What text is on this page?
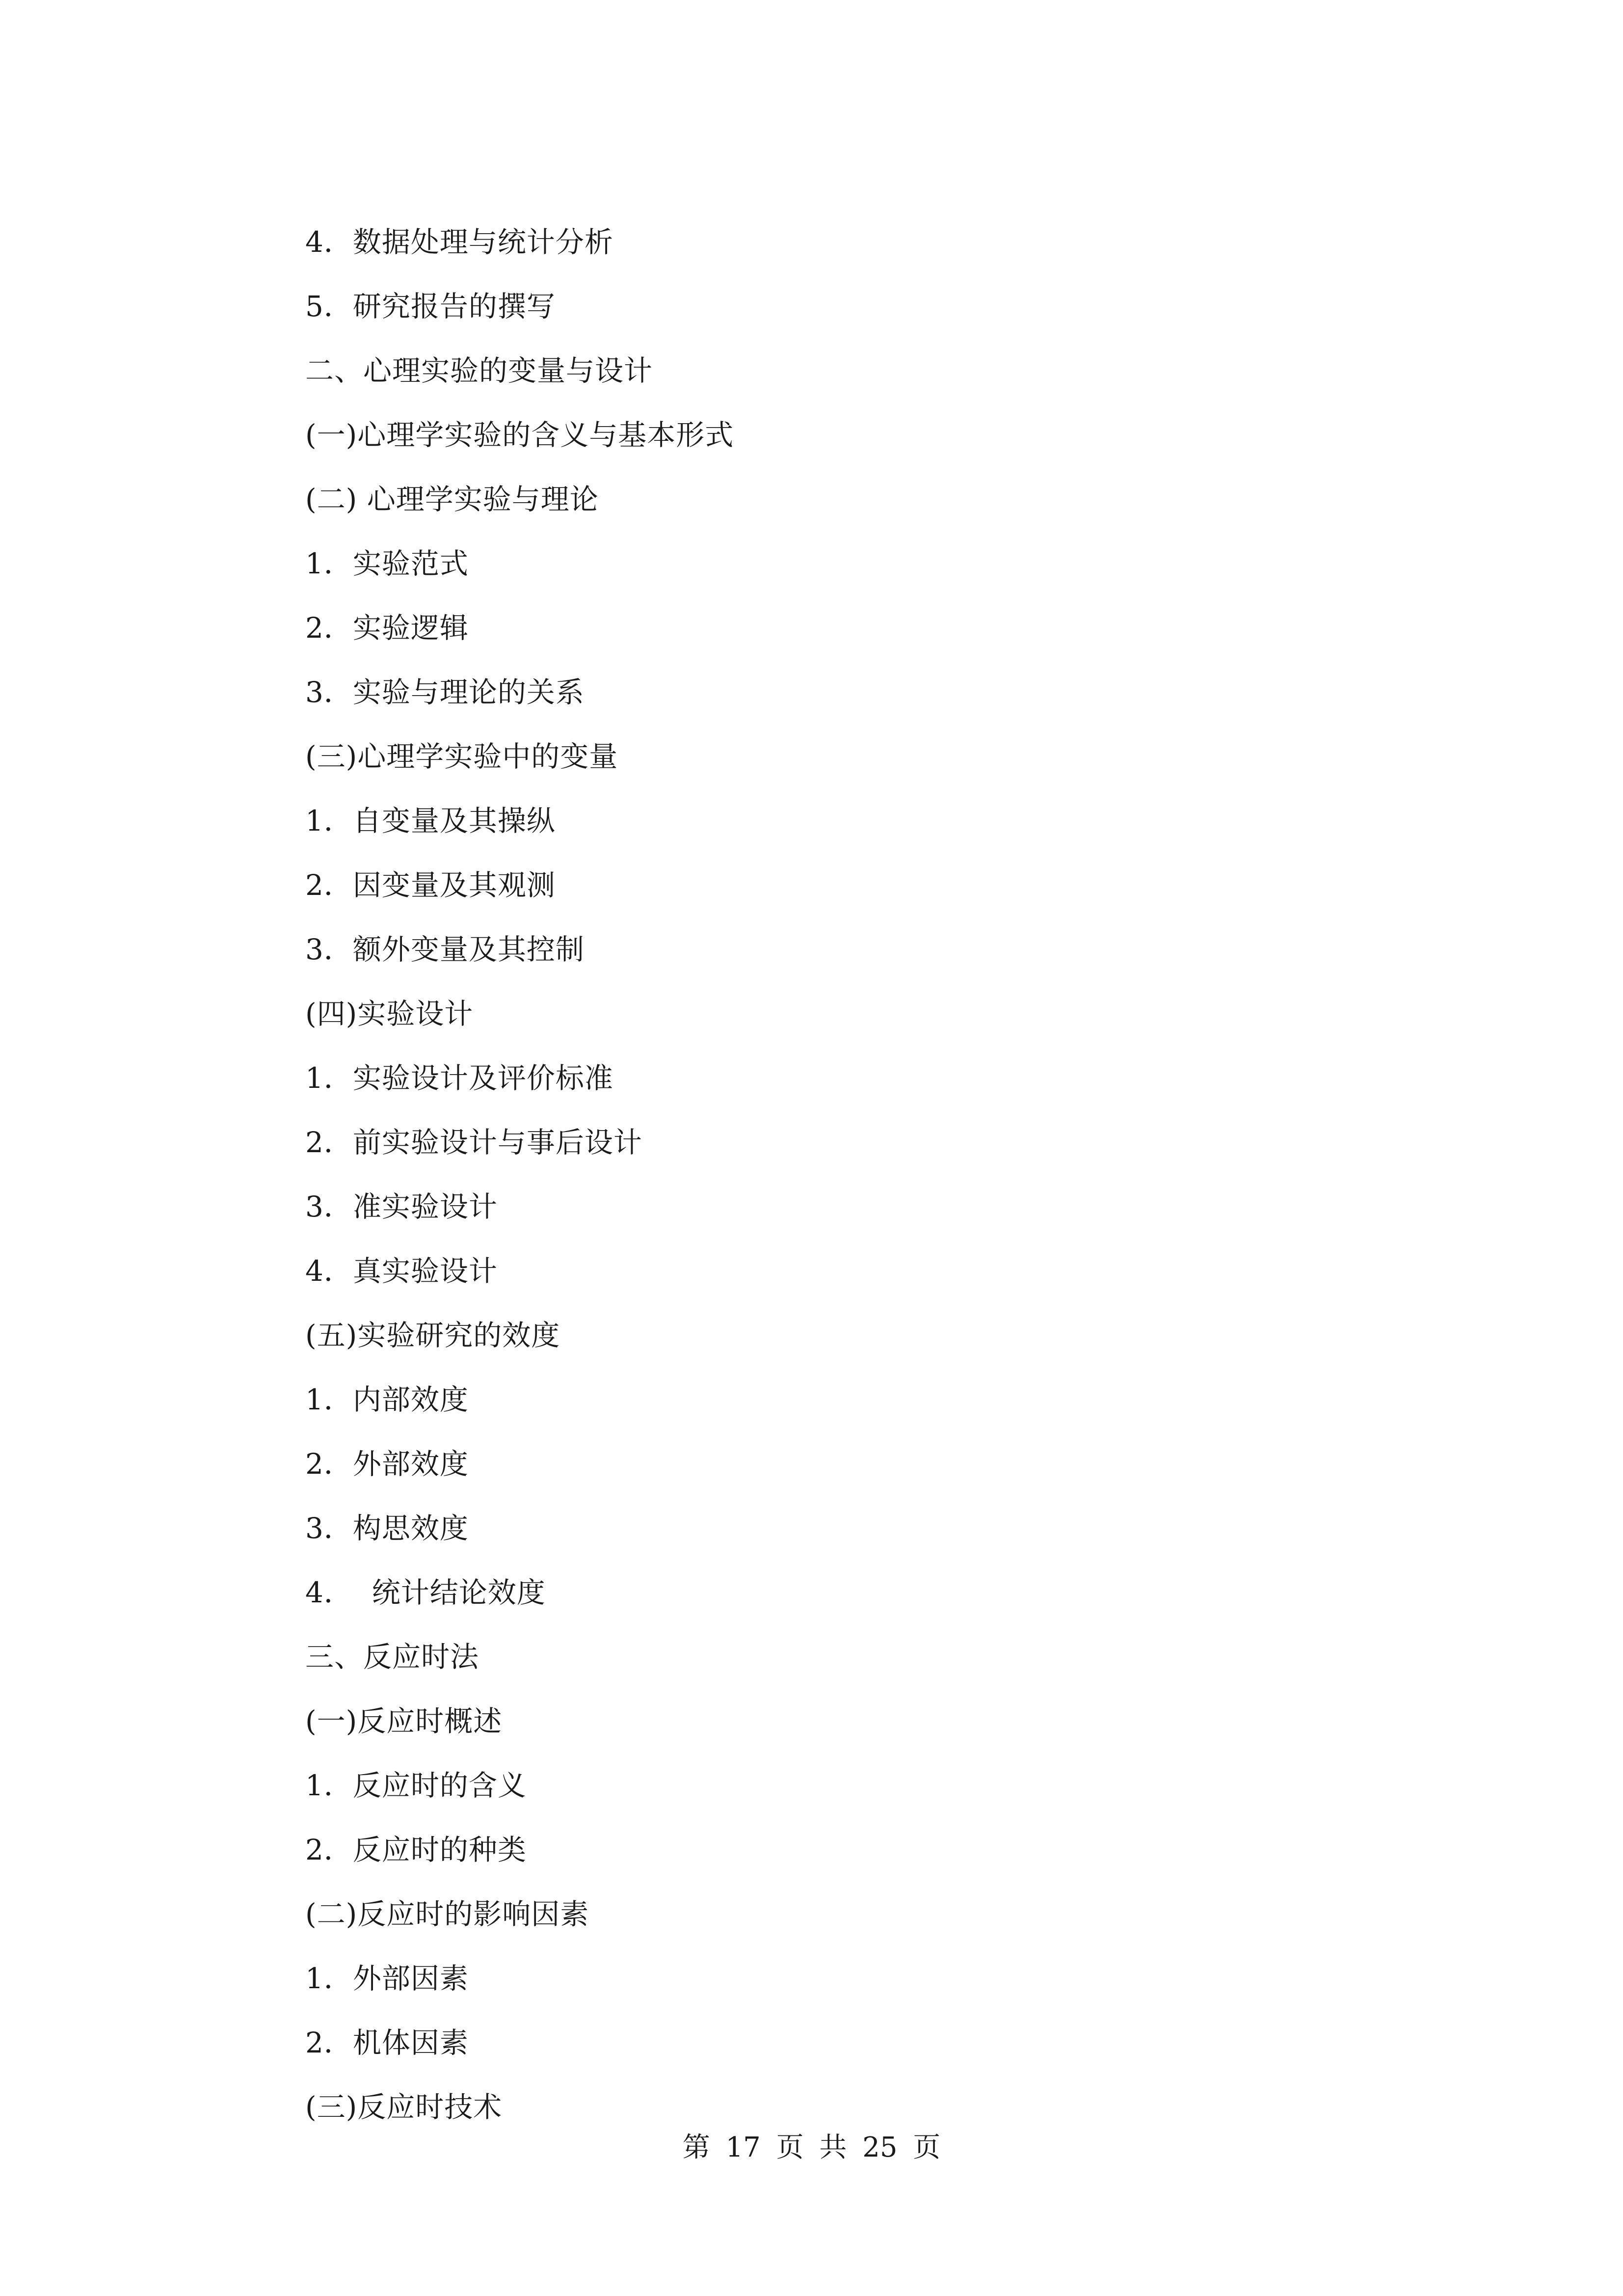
4．数据处理与统计分析
5．研究报告的撰写
二、心理实验的变量与设计
(一)心理学实验的含义与基本形式
(二) 心理学实验与理论
1．实验范式
2．实验逻辑
3．实验与理论的关系
(三)心理学实验中的变量
1．自变量及其操纵
2．因变量及其观测
3．额外变量及其控制
(四)实验设计
1．实验设计及评价标准
2．前实验设计与事后设计
3．准实验设计
4．真实验设计
(五)实验研究的效度
1．内部效度
2．外部效度
3．构思效度
4．  统计结论效度
三、反应时法
(一)反应时概述
1．反应时的含义
2．反应时的种类
(二)反应时的影响因素
1．外部因素
2．机体因素
(三)反应时技术
第 17 页 共 25 页
